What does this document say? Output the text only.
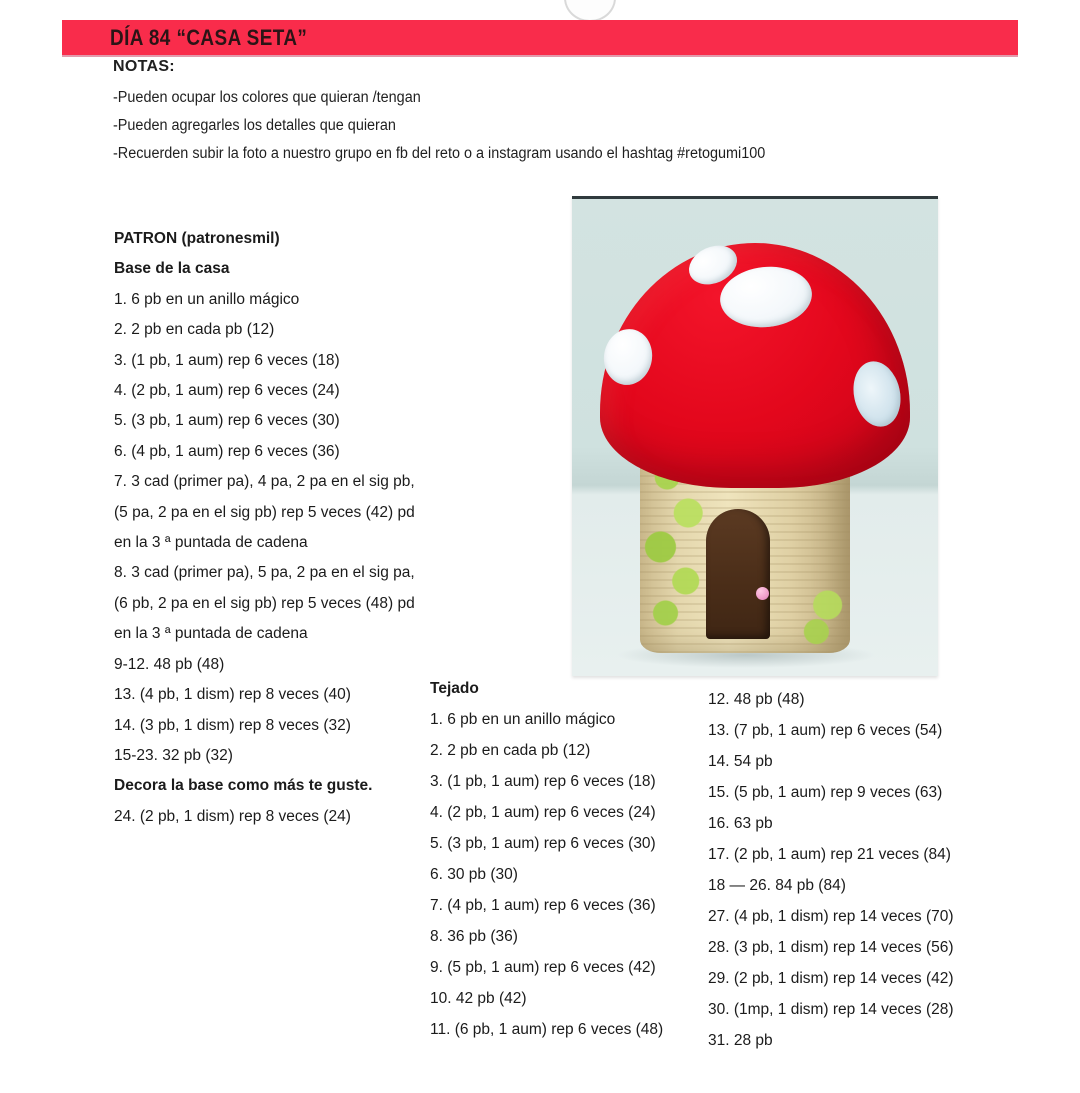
DÍA 84 “CASA SETA”

NOTAS:

-Pueden ocupar los colores que quieran /tengan

-Pueden agregarles los detalles que quieran

-Recuerden subir la foto a nuestro grupo en fb del reto o a instagram usando el hashtag #retogumi100

PATRON (patronesmil)
Base de la casa
1. 6 pb en un anillo mágico
2. 2 pb en cada pb (12)
3. (1 pb, 1 aum) rep 6 veces (18)
4. (2 pb, 1 aum) rep 6 veces (24)
5. (3 pb, 1 aum) rep 6 veces (30)
6. (4 pb, 1 aum) rep 6 veces (36)
7. 3 cad (primer pa), 4 pa, 2 pa en el sig pb,
(5 pa, 2 pa en el sig pb) rep 5 veces (42) pd
en la 3 ª puntada de cadena
8. 3 cad (primer pa), 5 pa, 2 pa en el sig pa,
(6 pb, 2 pa en el sig pb) rep 5 veces (48) pd
en la 3 ª puntada de cadena
9-12. 48 pb (48)
13. (4 pb, 1 dism) rep 8 veces (40)
14. (3 pb, 1 dism) rep 8 veces (32)
15-23. 32 pb (32)
Decora la base como más te guste.
24. (2 pb, 1 dism) rep 8 veces (24)
Tejado
1. 6 pb en un anillo mágico
2. 2 pb en cada pb (12)
3. (1 pb, 1 aum) rep 6 veces (18)
4. (2 pb, 1 aum) rep 6 veces (24)
5. (3 pb, 1 aum) rep 6 veces (30)
6. 30 pb (30)
7. (4 pb, 1 aum) rep 6 veces (36)
8. 36 pb (36)
9. (5 pb, 1 aum) rep 6 veces (42)
10. 42 pb (42)
11. (6 pb, 1 aum) rep 6 veces (48)
12. 48 pb (48)
13. (7 pb, 1 aum) rep 6 veces (54)
14. 54 pb
15. (5 pb, 1 aum) rep 9 veces (63)
16. 63 pb
17. (2 pb, 1 aum) rep 21 veces (84)
18 — 26. 84 pb (84)
27. (4 pb, 1 dism) rep 14 veces (70)
28. (3 pb, 1 dism) rep 14 veces (56)
29. (2 pb, 1 dism) rep 14 veces (42)
30. (1mp, 1 dism) rep 14 veces (28)
31. 28 pb
